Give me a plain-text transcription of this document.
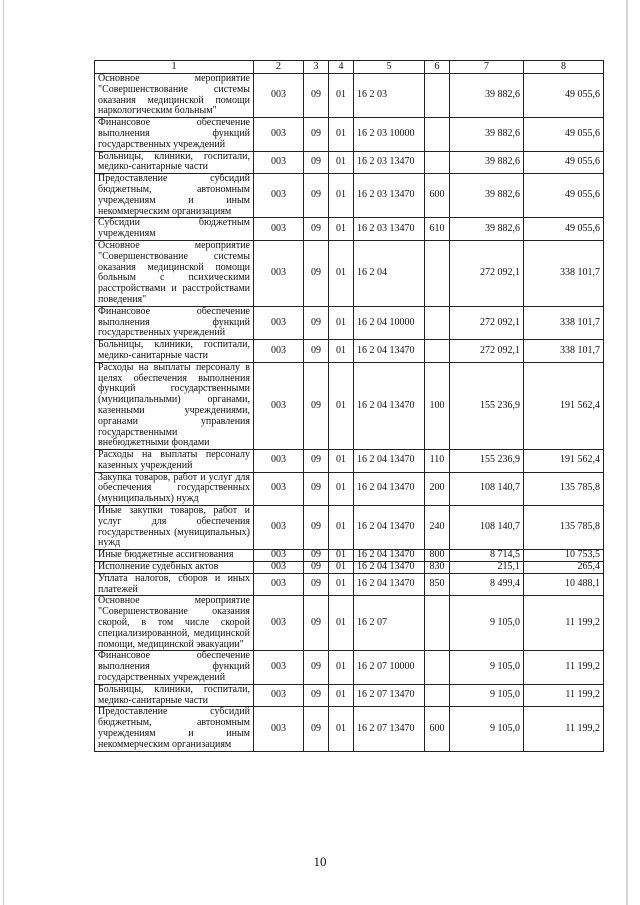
1	2	3	4	5	6	7	8
Основное мероприятие "Совершенствование системы оказания медицинской помощи наркологическим больным"	003	09	01	16 2 03		39 882,6	49 055,6
Финансовое обеспечение выполнения функций государственных учреждений	003	09	01	16 2 03 10000		39 882,6	49 055,6
Больницы, клиники, госпитали, медико-санитарные части	003	09	01	16 2 03 13470		39 882,6	49 055,6
Предоставление субсидий бюджетным, автономным учреждениям и иным некоммерческим организациям	003	09	01	16 2 03 13470	600	39 882,6	49 055,6
Субсидии бюджетным учреждениям	003	09	01	16 2 03 13470	610	39 882,6	49 055,6
Основное мероприятие "Совершенствование системы оказания медицинской помощи больным с психическими расстройствами и расстройствами поведения"	003	09	01	16 2 04		272 092,1	338 101,7
Финансовое обеспечение выполнения функций государственных учреждений	003	09	01	16 2 04 10000		272 092,1	338 101,7
Больницы, клиники, госпитали, медико-санитарные части	003	09	01	16 2 04 13470		272 092,1	338 101,7
Расходы на выплаты персоналу в целях обеспечения выполнения функций государственными (муниципальными) органами, казенными учреждениями, органами управления государственными внебюджетными фондами	003	09	01	16 2 04 13470	100	155 236,9	191 562,4
Расходы на выплаты персоналу казенных учреждений	003	09	01	16 2 04 13470	110	155 236,9	191 562,4
Закупка товаров, работ и услуг для обеспечения государственных (муниципальных) нужд	003	09	01	16 2 04 13470	200	108 140,7	135 785,8
Иные закупки товаров, работ и услуг для обеспечения государственных (муниципальных) нужд	003	09	01	16 2 04 13470	240	108 140,7	135 785,8
Иные бюджетные ассигнования	003	09	01	16 2 04 13470	800	8 714,5	10 753,5
Исполнение судебных актов	003	09	01	16 2 04 13470	830	215,1	265,4
Уплата налогов, сборов и иных платежей	003	09	01	16 2 04 13470	850	8 499,4	10 488,1
Основное мероприятие "Совершенствование оказания скорой, в том числе скорой специализированной, медицинской помощи, медицинской эвакуации"	003	09	01	16 2 07		9 105,0	11 199,2
Финансовое обеспечение выполнения функций государственных учреждений	003	09	01	16 2 07 10000		9 105,0	11 199,2
Больницы, клиники, госпитали, медико-санитарные части	003	09	01	16 2 07 13470		9 105,0	11 199,2
Предоставление субсидий бюджетным, автономным учреждениям и иным некоммерческим организациям	003	09	01	16 2 07 13470	600	9 105,0	11 199,2
10
